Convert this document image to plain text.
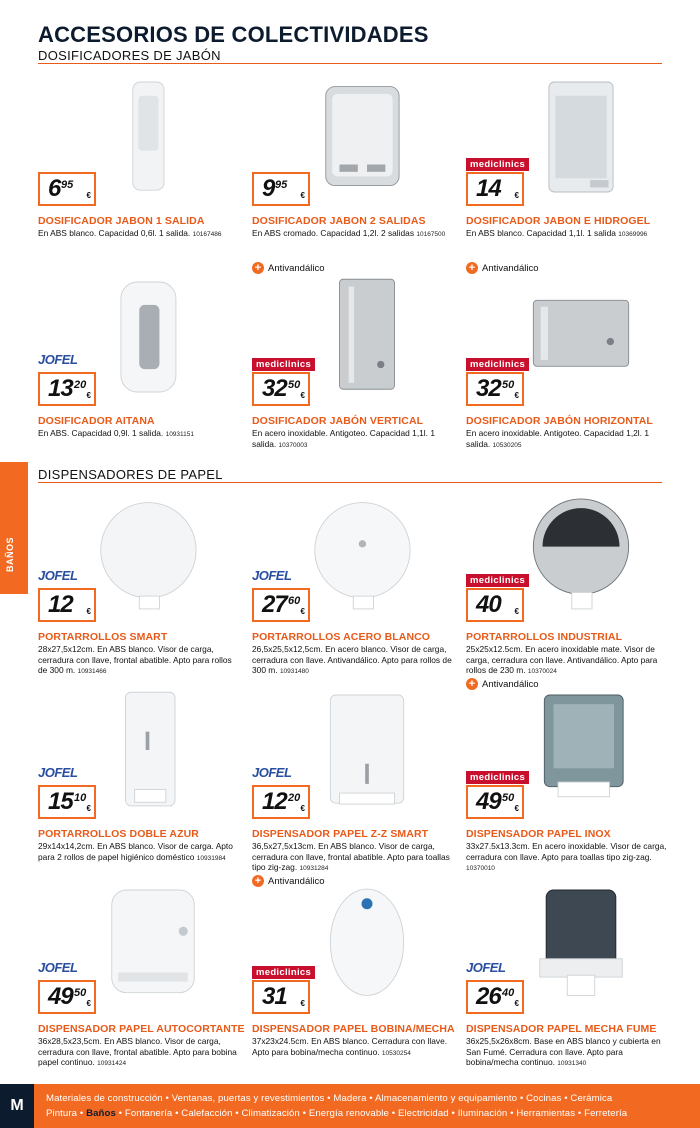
ACCESORIOS DE COLECTIVIDADES
DOSIFICADORES DE JABÓN
DISPENSADORES DE PAPEL
BAÑOS
6 95
€
DOSIFICADOR JABON 1 SALIDA
En ABS blanco. Capacidad 0,6l. 1 salida. 10167486
9 95
€
DOSIFICADOR JABON 2 SALIDAS
En ABS cromado. Capacidad 1,2l. 2 salidas 10167500
+ Antivandálico
mediclinics
14 €
DOSIFICADOR JABON E HIDROGEL
En ABS blanco. Capacidad 1,1l. 1 salida 10369996
+ Antivandálico
JOFEL
13 20
€
DOSIFICADOR AITANA
En ABS. Capacidad 0,9l. 1 salida. 10931151
mediclinics
32 50
€
DOSIFICADOR JABÓN VERTICAL
En acero inoxidable. Antigoteo. Capacidad 1,1l. 1 salida. 10370003
mediclinics
32 50
€
DOSIFICADOR JABÓN HORIZONTAL
En acero inoxidable. Antigoteo. Capacidad 1,2l. 1 salida. 10530205
JOFEL
12 €
PORTARROLLOS SMART
28x27,5x12cm. En ABS blanco. Visor de carga, cerradura con llave, frontal abatible. Apto para rollos de 300 m. 10931466
JOFEL
27 60
€
PORTARROLLOS ACERO BLANCO
26,5x25,5x12,5cm. En acero blanco. Visor de carga, cerradura con llave. Antivandálico. Apto para rollos de 300 m. 10931480
mediclinics
40 €
PORTARROLLOS INDUSTRIAL
25x25x12.5cm. En acero inoxidable mate. Visor de carga, cerradura con llave. Antivandálico. Apto para rollos de 230 m. 10370024
+ Antivandálico
JOFEL
15 10
€
PORTARROLLOS DOBLE AZUR
29x14x14,2cm. En ABS blanco. Visor de carga. Apto para 2 rollos de papel higiénico doméstico 10931984
JOFEL
12 20
€
DISPENSADOR PAPEL Z-Z SMART
36,5x27,5x13cm. En ABS blanco. Visor de carga, cerradura con llave, frontal abatible. Apto para toallas tipo zig-zag. 10931284
+ Antivandálico
mediclinics
49 50
€
DISPENSADOR PAPEL INOX
33x27.5x13.3cm. En acero inoxidable. Visor de carga, cerradura con llave. Apto para toallas tipo zig-zag. 10370010
JOFEL
49 50
€
DISPENSADOR PAPEL AUTOCORTANTE
36x28,5x23,5cm. En ABS blanco. Visor de carga, cerradura con llave, frontal abatible. Apto para bobina papel continuo. 10931424
mediclinics
31 €
DISPENSADOR PAPEL BOBINA/MECHA
37x23x24.5cm. En ABS blanco. Cerradura con llave. Apto para bobina/mecha continuo. 10530254
JOFEL
26 40
€
DISPENSADOR PAPEL MECHA FUME
36x25,5x26x8cm. Base en ABS blanco y cubierta en San Fumé. Cerradura con llave. Apto para bobina/mecha continuo. 10931340
M	Materiales de construcción • Ventanas, puertas y revestimientos • Madera • Almacenamiento y equipamiento • Cocinas • Cerámica
Pintura • Baños • Fontanería • Calefacción • Climatización • Energía renovable • Electricidad • Iluminación • Herramientas • Ferretería
